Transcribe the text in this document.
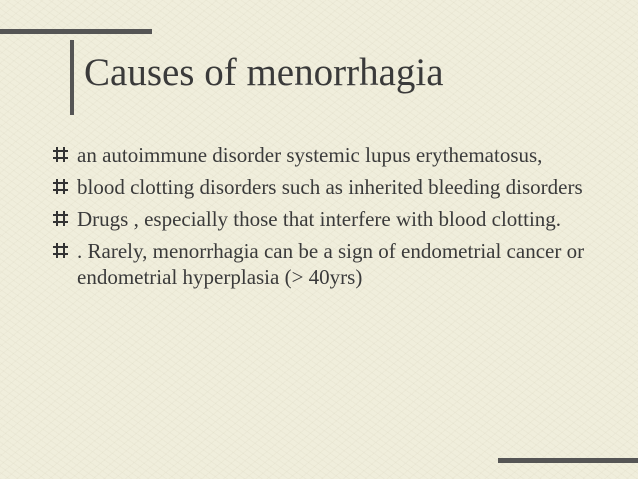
Causes of menorrhagia
an autoimmune disorder systemic lupus erythematosus,
blood clotting disorders such as inherited bleeding disorders
Drugs , especially those that interfere with blood clotting.
. Rarely, menorrhagia can be a sign of endometrial cancer or endometrial hyperplasia (˃ 40yrs)
